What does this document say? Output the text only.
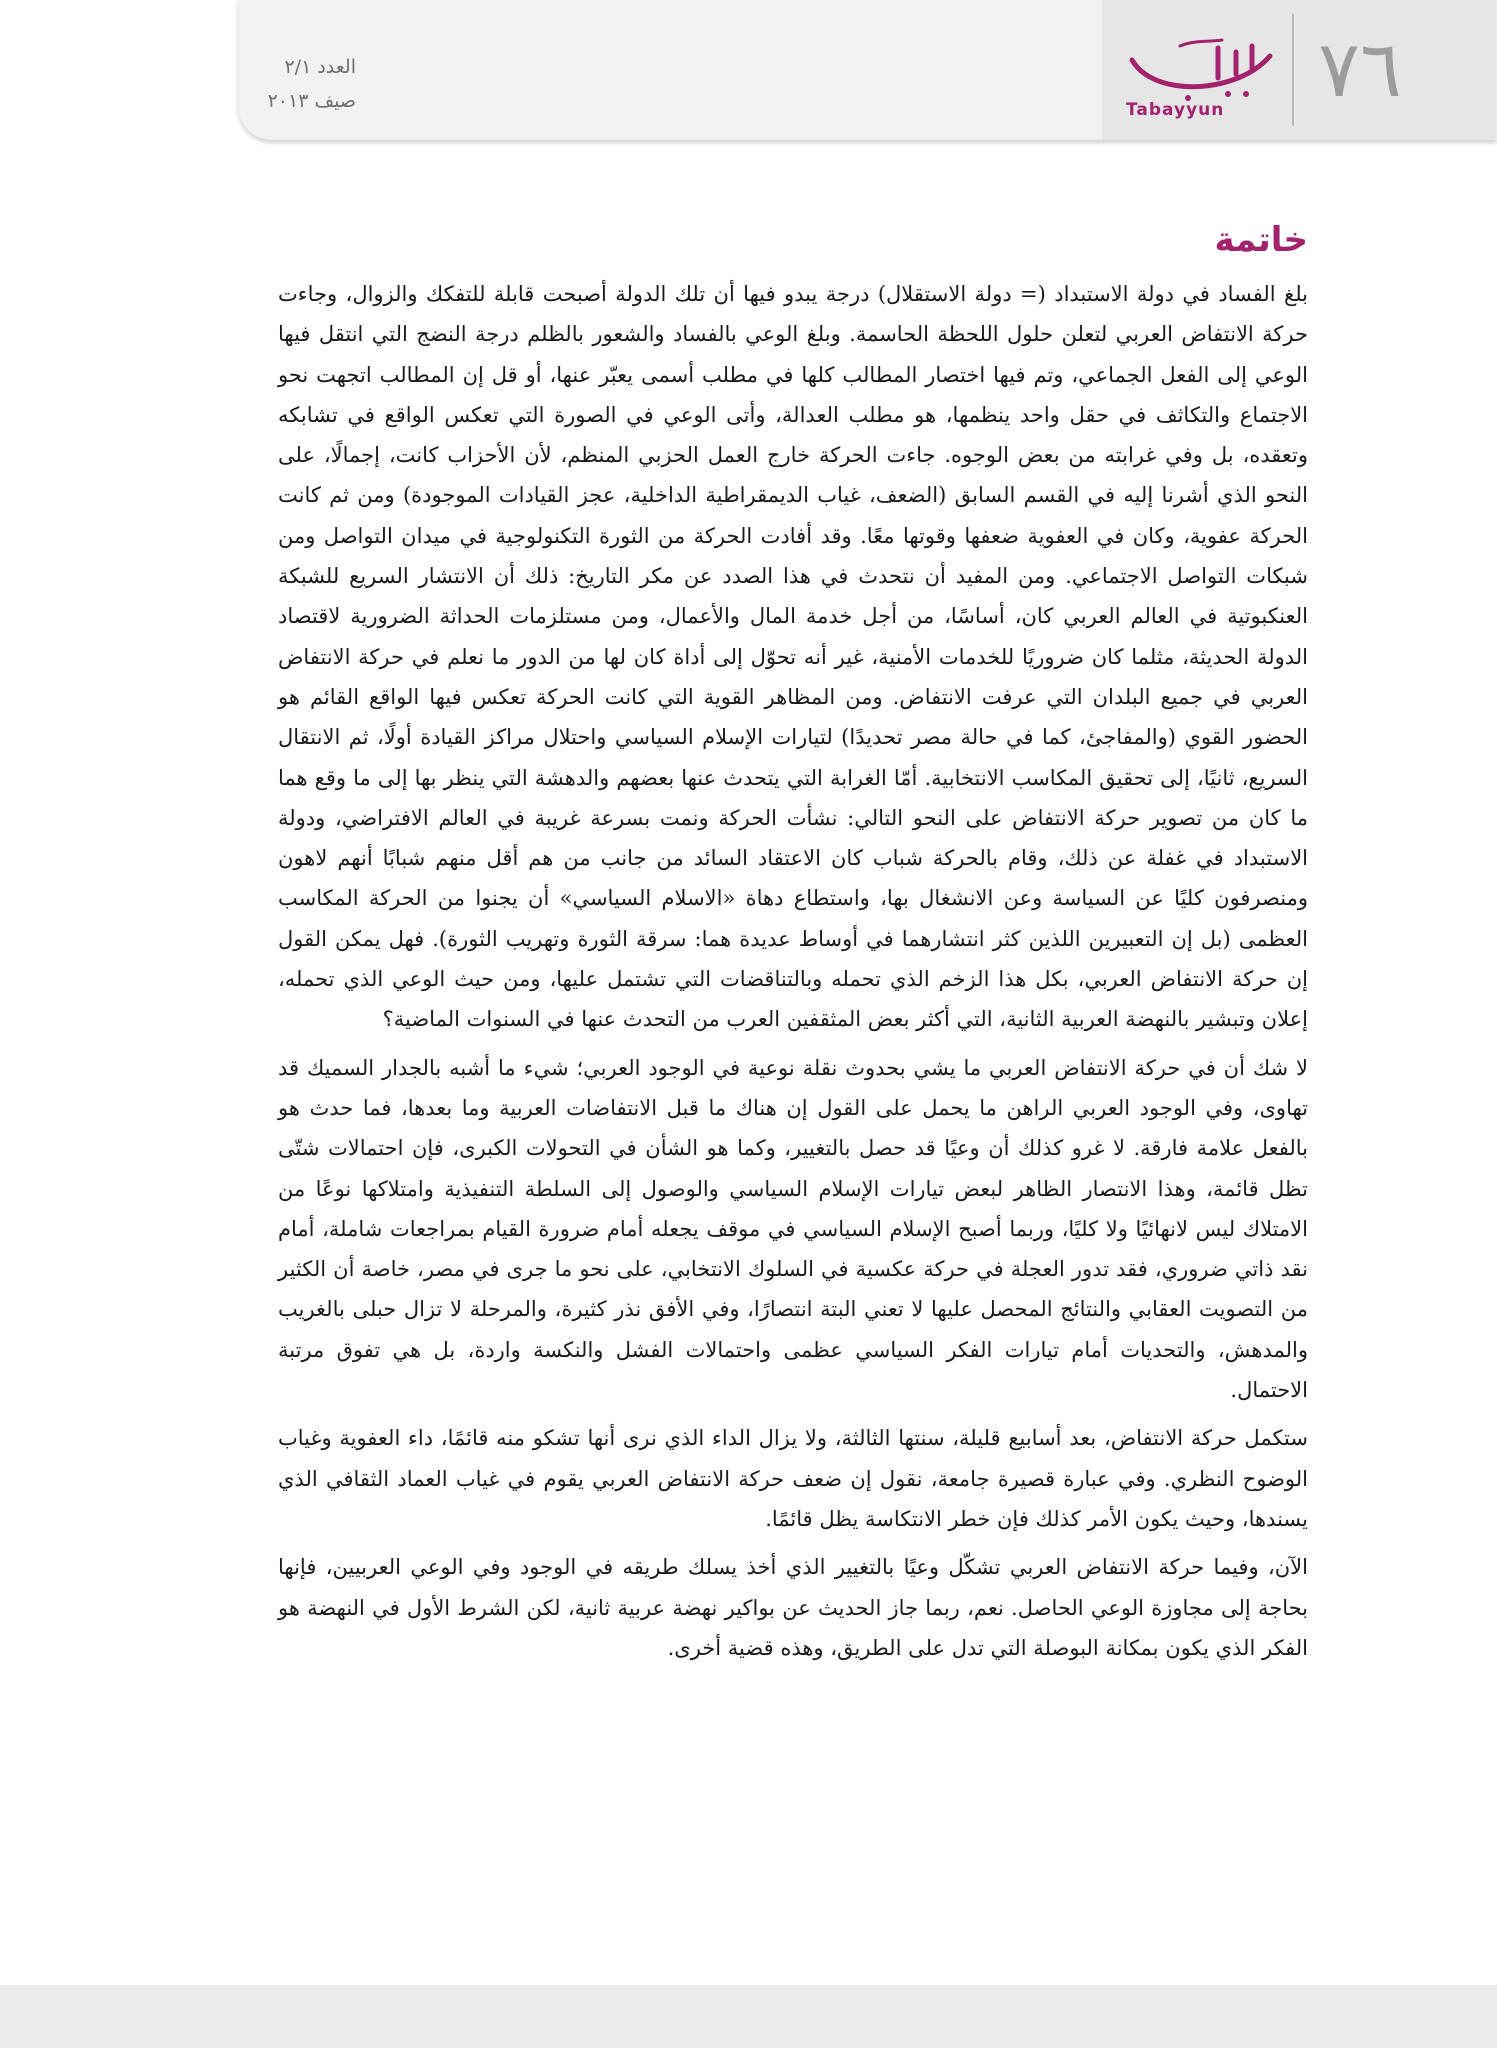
٧٦
Tabayyun
العدد ٢/١
صيف ٢٠١٣
خاتمة

بلغ الفساد في دولة الاستبداد (= دولة الاستقلال) درجة يبدو فيها أن تلك الدولة أصبحت قابلة للتفكك والزوال، وجاءت حركة الانتفاض العربي لتعلن حلول اللحظة الحاسمة. وبلغ الوعي بالفساد والشعور بالظلم درجة النضج التي انتقل فيها الوعي إلى الفعل الجماعي، وتم فيها اختصار المطالب كلها في مطلب أسمى يعبّر عنها، أو قل إن المطالب اتجهت نحو الاجتماع والتكاثف في حقل واحد ينظمها، هو مطلب العدالة، وأتى الوعي في الصورة التي تعكس الواقع في تشابكه وتعقده، بل وفي غرابته من بعض الوجوه. جاءت الحركة خارج العمل الحزبي المنظم، لأن الأحزاب كانت، إجمالًا، على النحو الذي أشرنا إليه في القسم السابق (الضعف، غياب الديمقراطية الداخلية، عجز القيادات الموجودة) ومن ثم كانت الحركة عفوية، وكان في العفوية ضعفها وقوتها معًا. وقد أفادت الحركة من الثورة التكنولوجية في ميدان التواصل ومن شبكات التواصل الاجتماعي. ومن المفيد أن نتحدث في هذا الصدد عن مكر التاريخ: ذلك أن الانتشار السريع للشبكة العنكبوتية في العالم العربي كان، أساسًا، من أجل خدمة المال والأعمال، ومن مستلزمات الحداثة الضرورية لاقتصاد الدولة الحديثة، مثلما كان ضروريًا للخدمات الأمنية، غير أنه تحوّل إلى أداة كان لها من الدور ما نعلم في حركة الانتفاض العربي في جميع البلدان التي عرفت الانتفاض. ومن المظاهر القوية التي كانت الحركة تعكس فيها الواقع القائم هو الحضور القوي (والمفاجئ، كما في حالة مصر تحديدًا) لتيارات الإسلام السياسي واحتلال مراكز القيادة أولًا، ثم الانتقال السريع، ثانيًا، إلى تحقيق المكاسب الانتخابية. أمّا الغرابة التي يتحدث عنها بعضهم والدهشة التي ينظر بها إلى ما وقع هما ما كان من تصوير حركة الانتفاض على النحو التالي: نشأت الحركة ونمت بسرعة غريبة في العالم الافتراضي، ودولة الاستبداد في غفلة عن ذلك، وقام بالحركة شباب كان الاعتقاد السائد من جانب من هم أقل منهم شبابًا أنهم لاهون ومنصرفون كليًا عن السياسة وعن الانشغال بها، واستطاع دهاة «الاسلام السياسي» أن يجنوا من الحركة المكاسب العظمى (بل إن التعبيرين اللذين كثر انتشارهما في أوساط عديدة هما: سرقة الثورة وتهريب الثورة). فهل يمكن القول إن حركة الانتفاض العربي، بكل هذا الزخم الذي تحمله وبالتناقضات التي تشتمل عليها، ومن حيث الوعي الذي تحمله، إعلان وتبشير بالنهضة العربية الثانية، التي أكثر بعض المثقفين العرب من التحدث عنها في السنوات الماضية؟

لا شك أن في حركة الانتفاض العربي ما يشي بحدوث نقلة نوعية في الوجود العربي؛ شيء ما أشبه بالجدار السميك قد تهاوى، وفي الوجود العربي الراهن ما يحمل على القول إن هناك ما قبل الانتفاضات العربية وما بعدها، فما حدث هو بالفعل علامة فارقة. لا غرو كذلك أن وعيًا قد حصل بالتغيير، وكما هو الشأن في التحولات الكبرى، فإن احتمالات شتّى تظل قائمة، وهذا الانتصار الظاهر لبعض تيارات الإسلام السياسي والوصول إلى السلطة التنفيذية وامتلاكها نوعًا من الامتلاك ليس لانهائيًا ولا كليًا، وربما أصبح الإسلام السياسي في موقف يجعله أمام ضرورة القيام بمراجعات شاملة، أمام نقد ذاتي ضروري، فقد تدور العجلة في حركة عكسية في السلوك الانتخابي، على نحو ما جرى في مصر، خاصة أن الكثير من التصويت العقابي والنتائج المحصل عليها لا تعني البتة انتصارًا، وفي الأفق نذر كثيرة، والمرحلة لا تزال حبلى بالغريب والمدهش، والتحديات أمام تيارات الفكر السياسي عظمى واحتمالات الفشل والنكسة واردة، بل هي تفوق مرتبة الاحتمال.

ستكمل حركة الانتفاض، بعد أسابيع قليلة، سنتها الثالثة، ولا يزال الداء الذي نرى أنها تشكو منه قائمًا، داء العفوية وغياب الوضوح النظري. وفي عبارة قصيرة جامعة، نقول إن ضعف حركة الانتفاض العربي يقوم في غياب العماد الثقافي الذي يسندها، وحيث يكون الأمر كذلك فإن خطر الانتكاسة يظل قائمًا.

الآن، وفيما حركة الانتفاض العربي تشكّل وعيًا بالتغيير الذي أخذ يسلك طريقه في الوجود وفي الوعي العربيين، فإنها بحاجة إلى مجاوزة الوعي الحاصل. نعم، ربما جاز الحديث عن بواكير نهضة عربية ثانية، لكن الشرط الأول في النهضة هو الفكر الذي يكون بمكانة البوصلة التي تدل على الطريق، وهذه قضية أخرى.
